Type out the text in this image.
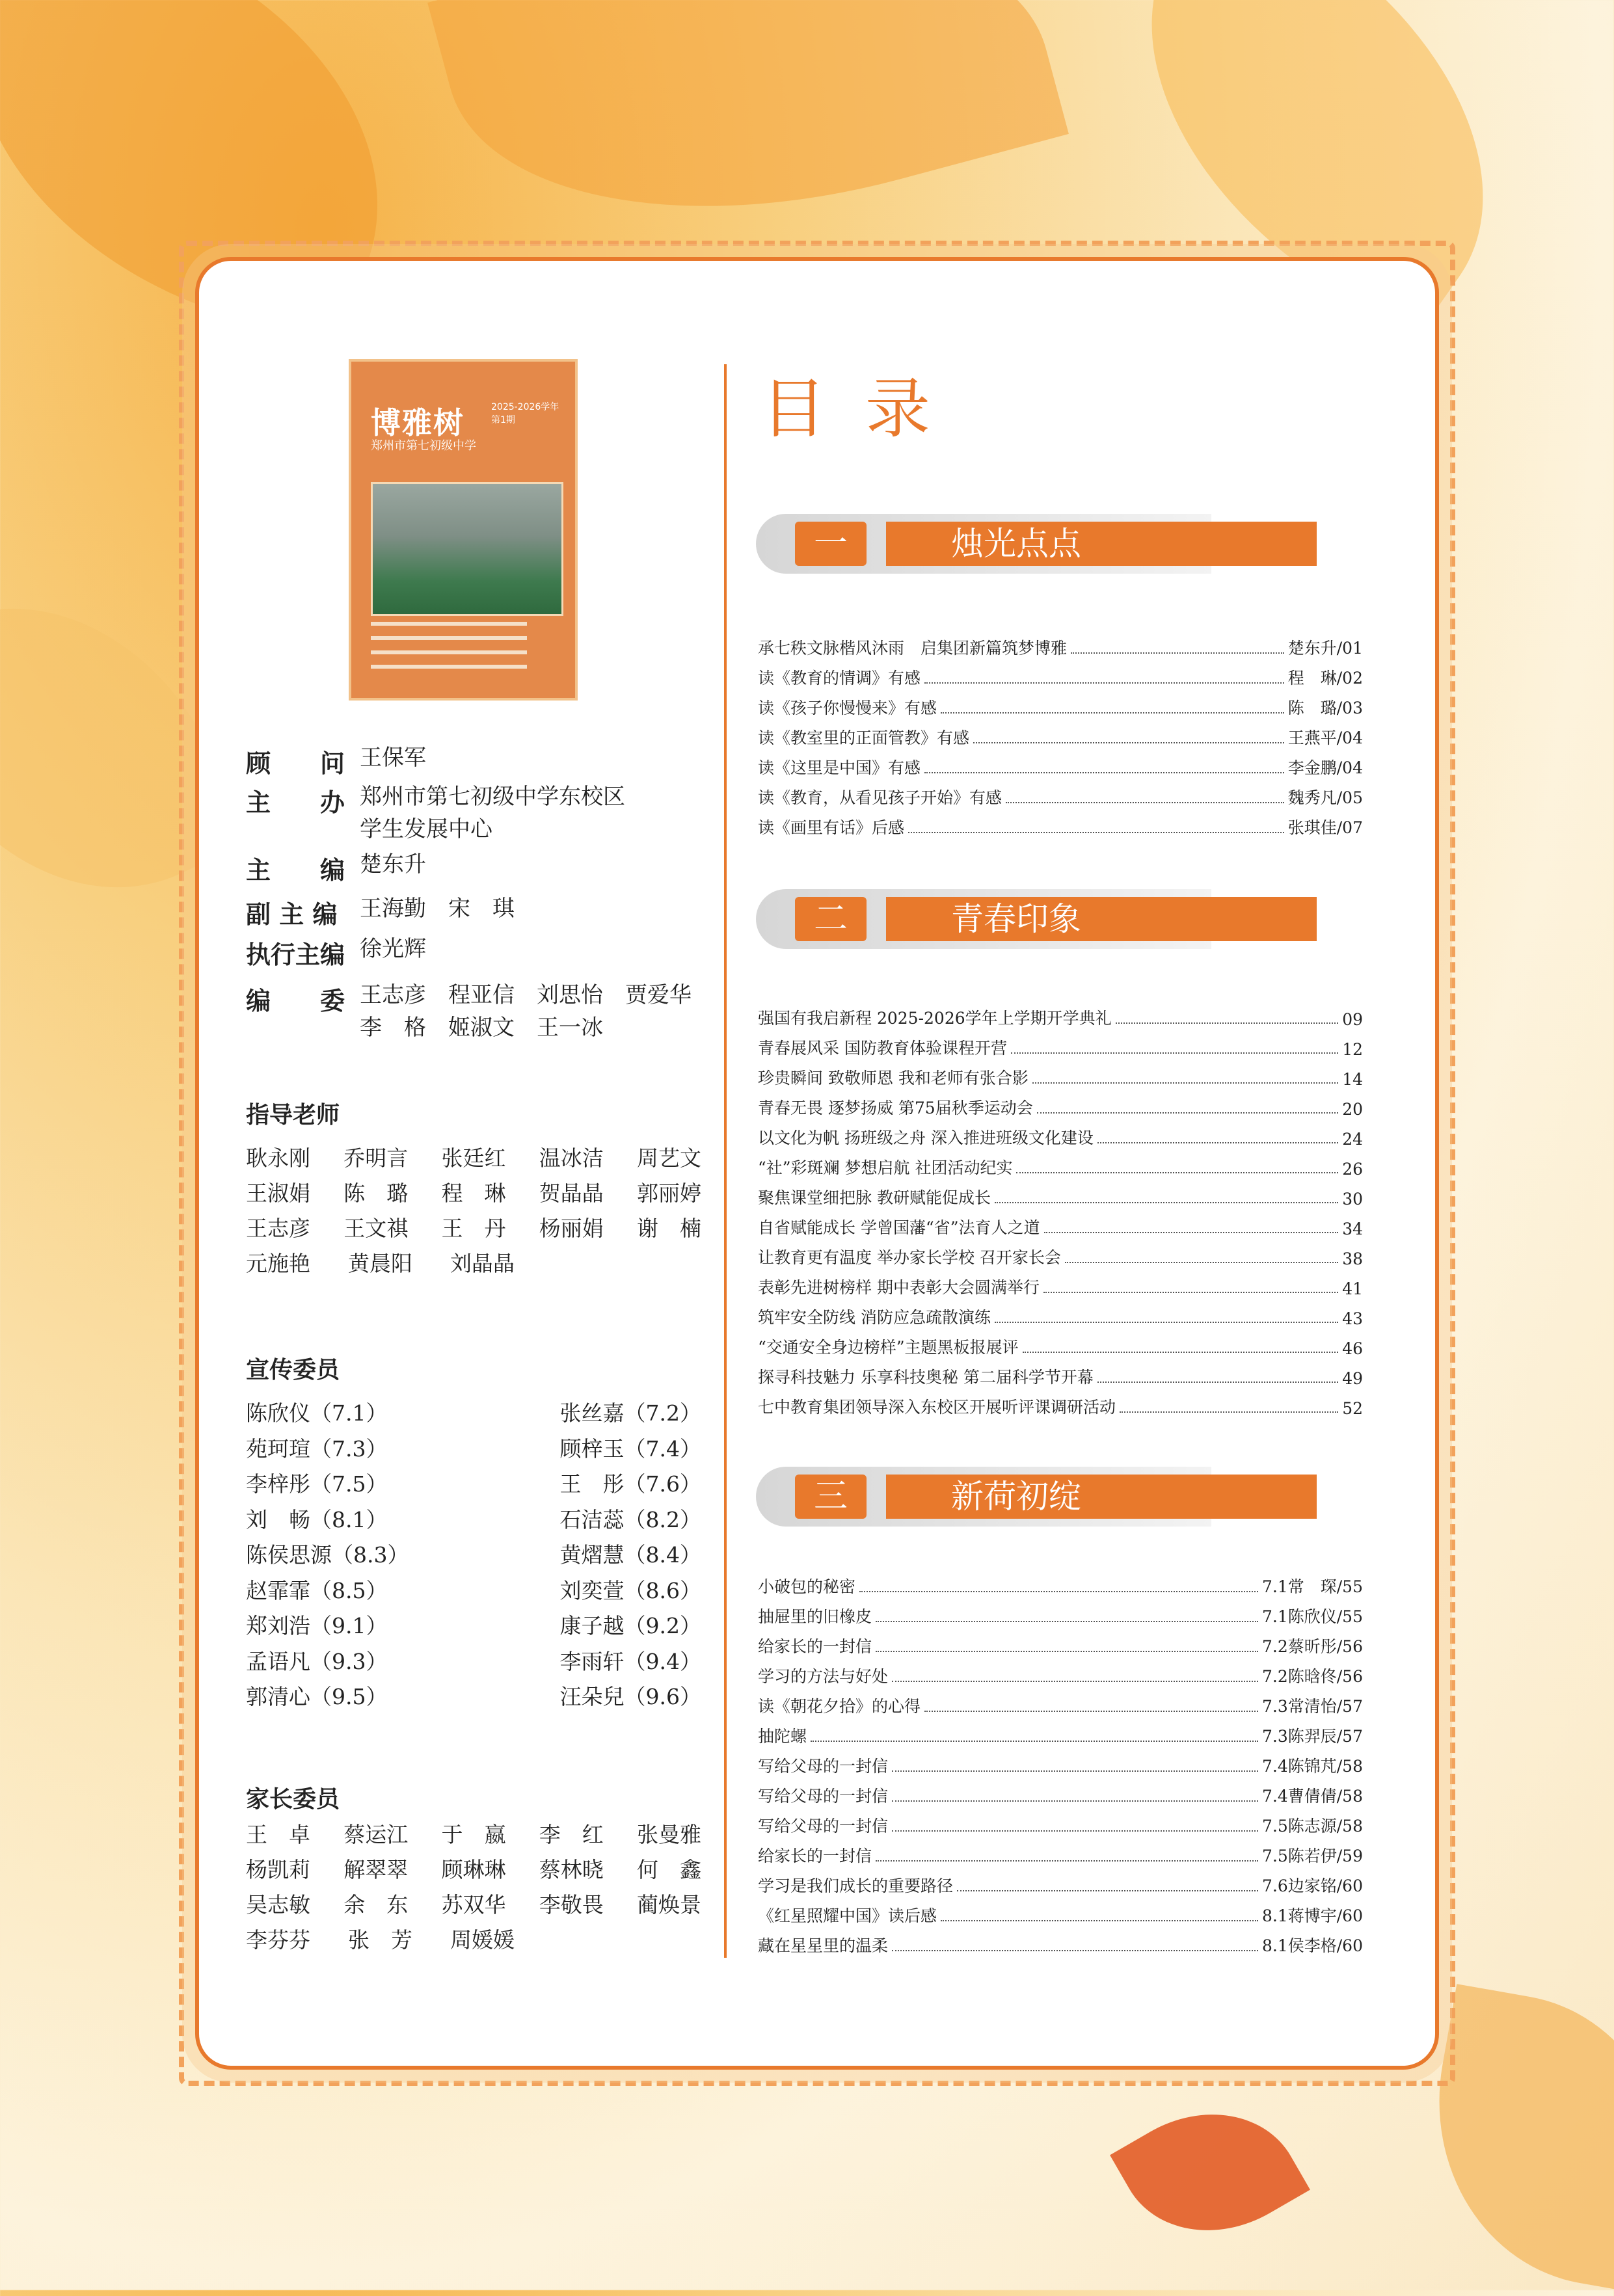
博雅树
郑州市第七初级中学
2025-2026学年
第1期
顾　　问 王保军
主　　办 郑州市第七初级中学东校区
学生发展中心
主　　编 楚东升
副 主 编 王海勤　宋　琪
执行主编 徐光辉
编　　委 王志彦　程亚信　刘思怡　贾爱华
李　格　姬淑文　王一冰
指导老师
耿永刚 乔明言 张廷红 温冰洁 周艺文
王淑娟 陈　璐 程　琳 贺晶晶 郭丽婷
王志彦 王文祺 王　丹 杨丽娟 谢　楠
元施艳 黄晨阳 刘晶晶
宣传委员
陈欣仪（7.1）	张丝嘉（7.2）
苑珂瑄（7.3）	顾梓玉（7.4）
李梓彤（7.5）	王　彤（7.6）
刘　畅（8.1）	石洁蕊（8.2）
陈侯思源（8.3）	黄熠慧（8.4）
赵霏霏（8.5）	刘奕萱（8.6）
郑刘浩（9.1）	康子越（9.2）
孟语凡（9.3）	李雨轩（9.4）
郭清心（9.5）	汪朵兒（9.6）
家长委员
王　卓 蔡运江 于　嬴 李　红 张曼雅
杨凯莉 解翠翠 顾琳琳 蔡林晓 何　鑫
吴志敏 余　东 苏双华 李敬畏 蔺焕景
李芬芬 张　芳 周媛媛
目录
一	烛光点点
承七秩文脉楷风沐雨　启集团新篇筑梦博雅	楚东升/01
读《教育的情调》有感	程　琳/02
读《孩子你慢慢来》有感	陈　璐/03
读《教室里的正面管教》有感	王燕平/04
读《这里是中国》有感	李金鹏/04
读《教育，从看见孩子开始》有感	魏秀凡/05
读《画里有话》后感	张琪佳/07
二	青春印象
强国有我启新程 2025-2026学年上学期开学典礼	09
青春展风采 国防教育体验课程开营	12
珍贵瞬间 致敬师恩 我和老师有张合影	14
青春无畏 逐梦扬威 第75届秋季运动会	20
以文化为帆 扬班级之舟 深入推进班级文化建设	24
“社”彩斑斓 梦想启航 社团活动纪实	26
聚焦课堂细把脉 教研赋能促成长	30
自省赋能成长 学曾国藩“省”法育人之道	34
让教育更有温度 举办家长学校 召开家长会	38
表彰先进树榜样 期中表彰大会圆满举行	41
筑牢安全防线 消防应急疏散演练	43
“交通安全身边榜样”主题黑板报展评	46
探寻科技魅力 乐享科技奥秘 第二届科学节开幕	49
七中教育集团领导深入东校区开展听评课调研活动	52
三	新荷初绽
小破包的秘密	7.1常　琛/55
抽屉里的旧橡皮	7.1陈欣仪/55
给家长的一封信	7.2蔡昕彤/56
学习的方法与好处	7.2陈晗佟/56
读《朝花夕拾》的心得	7.3常清怡/57
抽陀螺	7.3陈羿辰/57
写给父母的一封信	7.4陈锦芃/58
写给父母的一封信	7.4曹倩倩/58
写给父母的一封信	7.5陈志源/58
给家长的一封信	7.5陈若伊/59
学习是我们成长的重要路径	7.6边家铭/60
《红星照耀中国》读后感	8.1蒋博宇/60
藏在星星里的温柔	8.1侯李格/60
